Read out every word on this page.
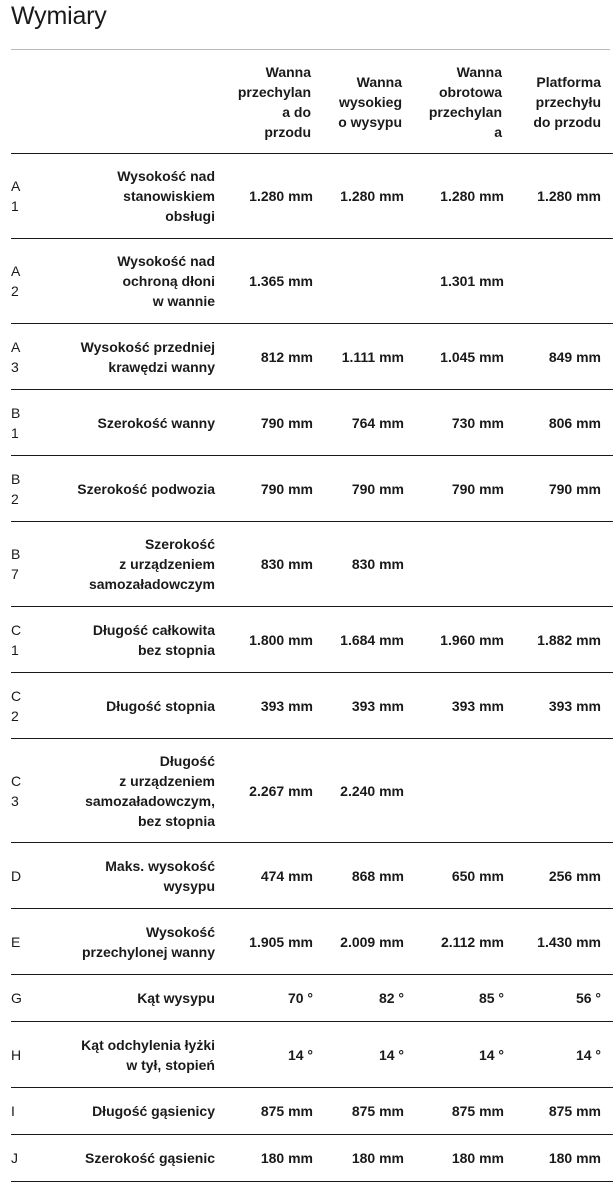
Wymiary
		Wanna
przechylan
a do
przodu	Wanna
wysokieg
o wysypu	Wanna
obrotowa
przechylan
a	Platforma
przechyłu
do przodu
A
1	Wysokość nad
stanowiskiem
obsługi	1.280 mm	1.280 mm	1.280 mm	1.280 mm
A
2	Wysokość nad
ochroną dłoni
w wannie	1.365 mm		1.301 mm	
A
3	Wysokość przedniej
krawędzi wanny	812 mm	1.111 mm	1.045 mm	849 mm
B
1	Szerokość wanny	790 mm	764 mm	730 mm	806 mm
B
2	Szerokość podwozia	790 mm	790 mm	790 mm	790 mm
B
7	Szerokość
z urządzeniem
samozaładowczym	830 mm	830 mm		
C
1	Długość całkowita
bez stopnia	1.800 mm	1.684 mm	1.960 mm	1.882 mm
C
2	Długość stopnia	393 mm	393 mm	393 mm	393 mm
C
3	Długość
z urządzeniem
samozaładowczym,
bez stopnia	2.267 mm	2.240 mm		
D	Maks. wysokość
wysypu	474 mm	868 mm	650 mm	256 mm
E	Wysokość
przechylonej wanny	1.905 mm	2.009 mm	2.112 mm	1.430 mm
G	Kąt wysypu	70 °	82 °	85 °	56 °
H	Kąt odchylenia łyżki
w tył, stopień	14 °	14 °	14 °	14 °
I	Długość gąsienicy	875 mm	875 mm	875 mm	875 mm
J	Szerokość gąsienic	180 mm	180 mm	180 mm	180 mm
